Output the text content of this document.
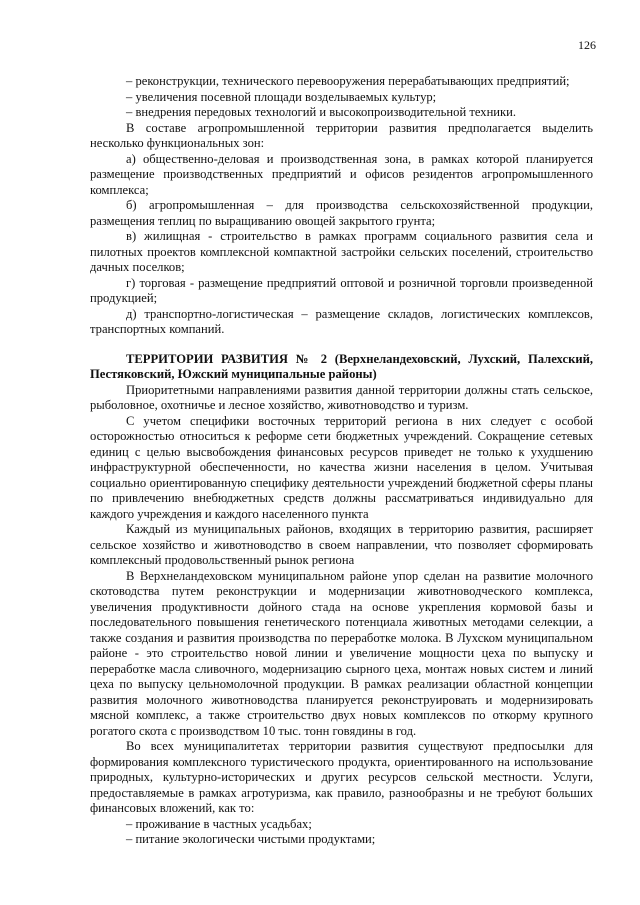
126

– реконструкции, технического перевооружения перерабатывающих предприятий;

– увеличения посевной площади возделываемых культур;

– внедрения передовых технологий и высокопроизводительной техники.

В составе агропромышленной территории развития предполагается выделить несколько функциональных зон:

а) общественно-деловая и производственная зона, в рамках которой планируется размещение производственных предприятий и офисов резидентов агропромышленного комплекса;

б) агропромышленная – для производства сельскохозяйственной продукции, размещения теплиц по выращиванию овощей закрытого грунта;

в) жилищная - строительство в рамках программ социального развития села и пилотных проектов комплексной компактной застройки сельских поселений, строительство дачных поселков;

г) торговая - размещение предприятий оптовой и розничной торговли произведенной продукцией;

д) транспортно-логистическая – размещение складов, логистических комплексов, транспортных компаний.

ТЕРРИТОРИИ РАЗВИТИЯ № 2 (Верхнеландеховский, Лухский, Палехский, Пестяковский, Южский муниципальные районы)

Приоритетными направлениями развития данной территории должны стать сельское, рыболовное, охотничье и лесное хозяйство, животноводство и туризм.

С учетом специфики восточных территорий региона в них следует с особой осторожностью относиться к реформе сети бюджетных учреждений. Сокращение сетевых единиц с целью высвобождения финансовых ресурсов приведет не только к ухудшению инфраструктурной обеспеченности, но качества жизни населения в целом. Учитывая социально ориентированную специфику деятельности учреждений бюджетной сферы планы по привлечению внебюджетных средств должны рассматриваться индивидуально для каждого учреждения и каждого населенного пункта

Каждый из муниципальных районов, входящих в территорию развития, расширяет сельское хозяйство и животноводство в своем направлении, что позволяет сформировать комплексный продовольственный рынок региона

В Верхнеландеховском муниципальном районе упор сделан на развитие молочного скотоводства путем реконструкции и модернизации животноводческого комплекса, увеличения продуктивности дойного стада на основе укрепления кормовой базы и последовательного повышения генетического потенциала животных методами селекции, а также создания и развития производства по переработке молока. В Лухском муниципальном районе - это строительство новой линии и увеличение мощности цеха по выпуску и переработке масла сливочного, модернизацию сырного цеха, монтаж новых систем и линий цеха по выпуску цельномолочной продукции. В рамках реализации областной концепции развития молочного животноводства планируется реконструировать и модернизировать мясной комплекс, а также строительство двух новых комплексов по откорму крупного рогатого скота с производством 10 тыс. тонн говядины в год.

Во всех муниципалитетах территории развития существуют предпосылки для формирования комплексного туристического продукта, ориентированного на использование природных, культурно-исторических и других ресурсов сельской местности. Услуги, предоставляемые в рамках агротуризма, как правило, разнообразны и не требуют больших финансовых вложений, как то:

– проживание в частных усадьбах;

– питание экологически чистыми продуктами;
